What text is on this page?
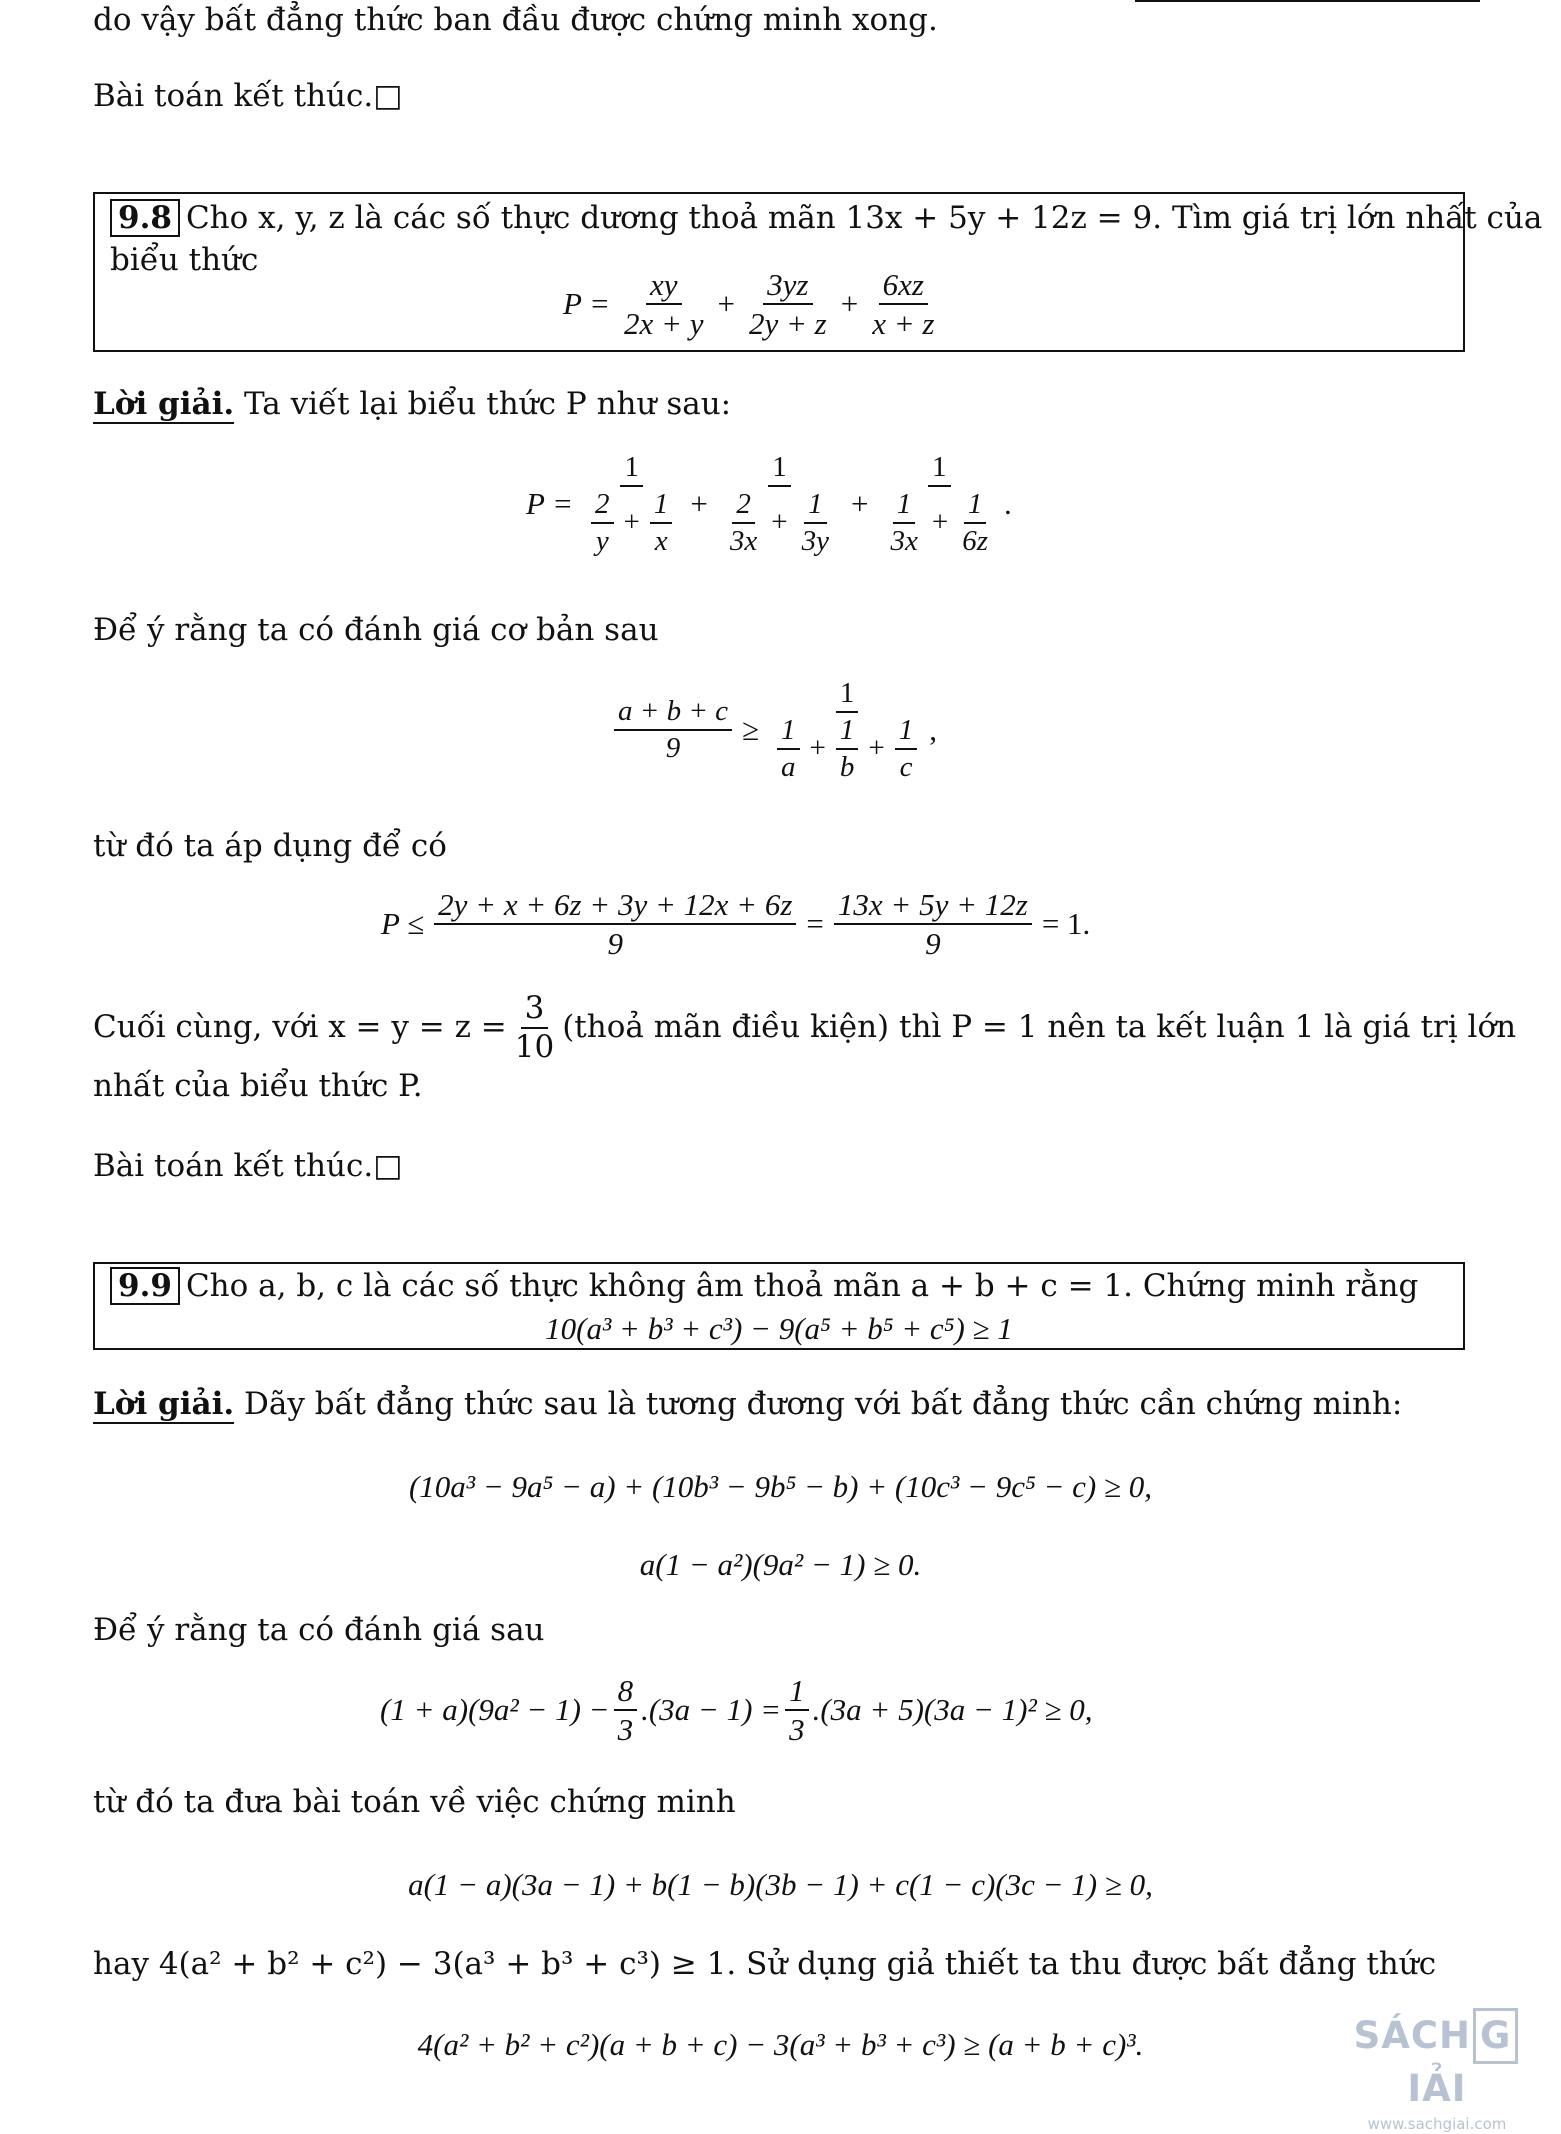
do vậy bất đẳng thức ban đầu được chứng minh xong.
Bài toán kết thúc.□
9.8 Cho x, y, z là các số thực dương thoả mãn 13x + 5y + 12z = 9. Tìm giá trị lớn nhất của
biểu thức
$P = \frac{xy}{2x + y} + \frac{3yz}{2y + z} + \frac{6xz}{x + z}$
Lời giải. Ta viết lại biểu thức P như sau:
$P = \frac{1}{\frac{2}{y} + \frac{1}{x}} + \frac{1}{\frac{2}{3x} + \frac{1}{3y}} + \frac{1}{\frac{1}{3x} + \frac{1}{6z}}$ .
Để ý rằng ta có đánh giá cơ bản sau
$\frac{a + b + c}{9} \ge \frac{1}{\frac{1}{a} + \frac{1}{b} + \frac{1}{c}}$ ,
từ đó ta áp dụng để có
$P \le \frac{2y + x + 6z + 3y + 12x + 6z}{9} = \frac{13x + 5y + 12z}{9} = 1$.
Cuối cùng, với $x = y = z = \frac{3}{10}$ (thoả mãn điều kiện) thì P = 1 nên ta kết luận 1 là giá trị lớn
nhất của biểu thức P.
Bài toán kết thúc.□
9.9 Cho a, b, c là các số thực không âm thoả mãn a + b + c = 1. Chứng minh rằng
10(a³ + b³ + c³) − 9(a⁵ + b⁵ + c⁵) ≥ 1
Lời giải. Dãy bất đẳng thức sau là tương đương với bất đẳng thức cần chứng minh:
(10a³ − 9a⁵ − a) + (10b³ − 9b⁵ − b) + (10c³ − 9c⁵ − c) ≥ 0,
a(1 − a²)(9a² − 1) ≥ 0.
Để ý rằng ta có đánh giá sau
$(1 + a)(9a^2 - 1) - \frac{8}{3} .(3a - 1) = \frac{1}{3} .(3a + 5)(3a - 1)^2 \ge 0$,
từ đó ta đưa bài toán về việc chứng minh
a(1 − a)(3a − 1) + b(1 − b)(3b − 1) + c(1 − c)(3c − 1) ≥ 0,
hay 4(a² + b² + c²) − 3(a³ + b³ + c³) ≥ 1. Sử dụng giả thiết ta thu được bất đẳng thức
4(a² + b² + c²)(a + b + c) − 3(a³ + b³ + c³) ≥ (a + b + c)³.	SÁCH GIẢI
www.sachgiai.com
